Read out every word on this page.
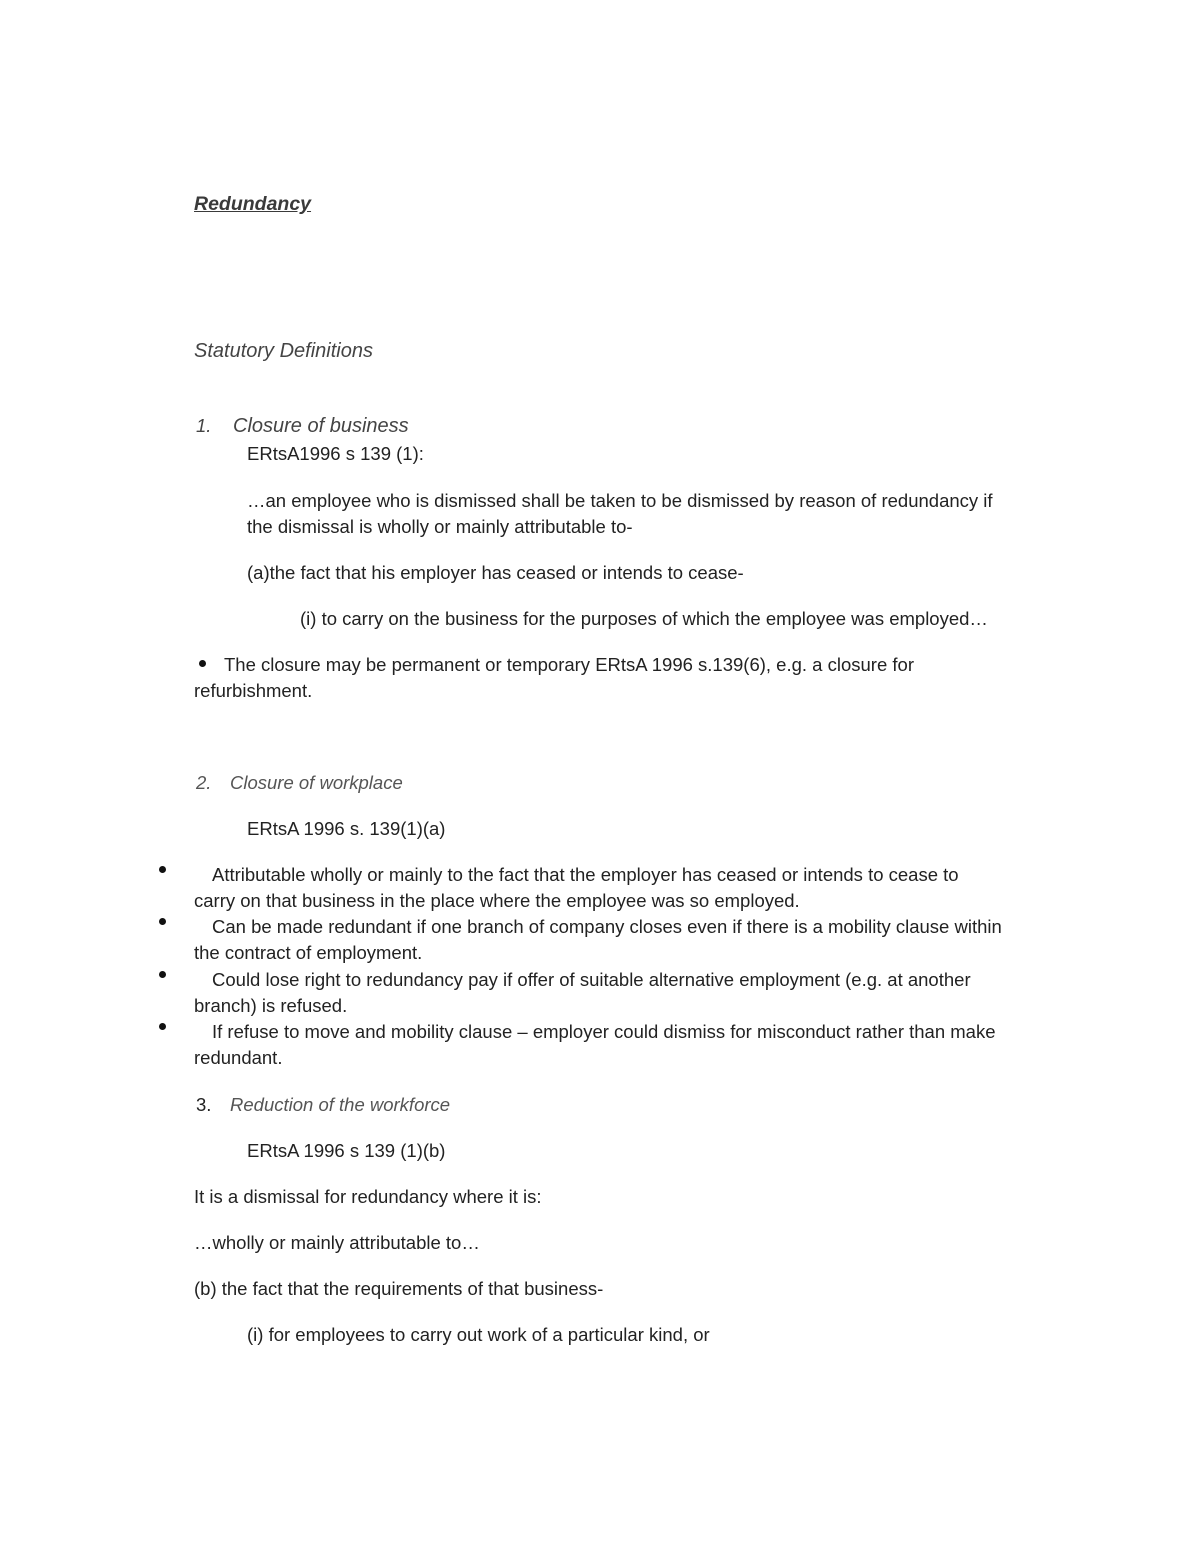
Redundancy

Statutory Definitions

1. Closure of business

ERtsA1996 s 139 (1):

…an employee who is dismissed shall be taken to be dismissed by reason of redundancy if

the dismissal is wholly or mainly attributable to-

(a)the fact that his employer has ceased or intends to cease-

(i) to carry on the business for the purposes of which the employee was employed…

The closure may be permanent or temporary ERtsA 1996 s.139(6), e.g. a closure for

refurbishment.

2. Closure of workplace

ERtsA 1996 s. 139(1)(a)

Attributable wholly or mainly to the fact that the employer has ceased or intends to cease to

carry on that business in the place where the employee was so employed.

Can be made redundant if one branch of company closes even if there is a mobility clause within

the contract of employment.

Could lose right to redundancy pay if offer of suitable alternative employment (e.g. at another

branch) is refused.

If refuse to move and mobility clause – employer could dismiss for misconduct rather than make

redundant.

3. Reduction of the workforce

ERtsA 1996 s 139 (1)(b)

It is a dismissal for redundancy where it is:

…wholly or mainly attributable to…

(b) the fact that the requirements of that business-

(i) for employees to carry out work of a particular kind, or
